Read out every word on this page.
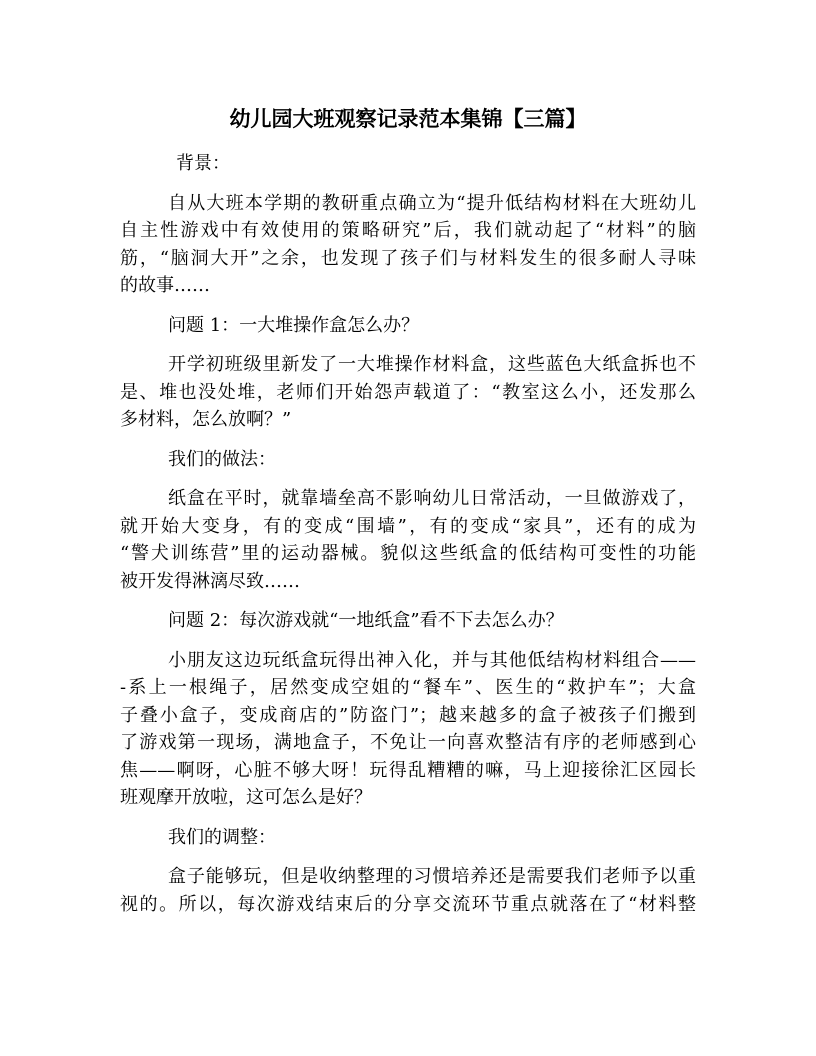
幼儿园大班观察记录范本集锦【三篇】

背景：

自从大班本学期的教研重点确立为“提升低结构材料在大班幼儿
自主性游戏中有效使用的策略研究”后，我们就动起了“材料”的脑
筋，“脑洞大开”之余，也发现了孩子们与材料发生的很多耐人寻味
的故事……

问题 1：一大堆操作盒怎么办？

开学初班级里新发了一大堆操作材料盒，这些蓝色大纸盒拆也不
是、堆也没处堆，老师们开始怨声载道了：“教室这么小，还发那么
多材料，怎么放啊？”

我们的做法：

纸盒在平时，就靠墙垒高不影响幼儿日常活动，一旦做游戏了，
就开始大变身，有的变成“围墙”，有的变成“家具”，还有的成为
“警犬训练营”里的运动器械。貌似这些纸盒的低结构可变性的功能
被开发得淋漓尽致……

问题 2：每次游戏就“一地纸盒”看不下去怎么办？

小朋友这边玩纸盒玩得出神入化，并与其他低结构材料组合——
-系上一根绳子，居然变成空姐的“餐车”、医生的“救护车”；大盒
子叠小盒子，变成商店的”防盗门”；越来越多的盒子被孩子们搬到
了游戏第一现场，满地盒子，不免让一向喜欢整洁有序的老师感到心
焦——啊呀，心脏不够大呀！玩得乱糟糟的嘛，马上迎接徐汇区园长
班观摩开放啦，这可怎么是好？

我们的调整：

盒子能够玩，但是收纳整理的习惯培养还是需要我们老师予以重
视的。所以，每次游戏结束后的分享交流环节重点就落在了“材料整
